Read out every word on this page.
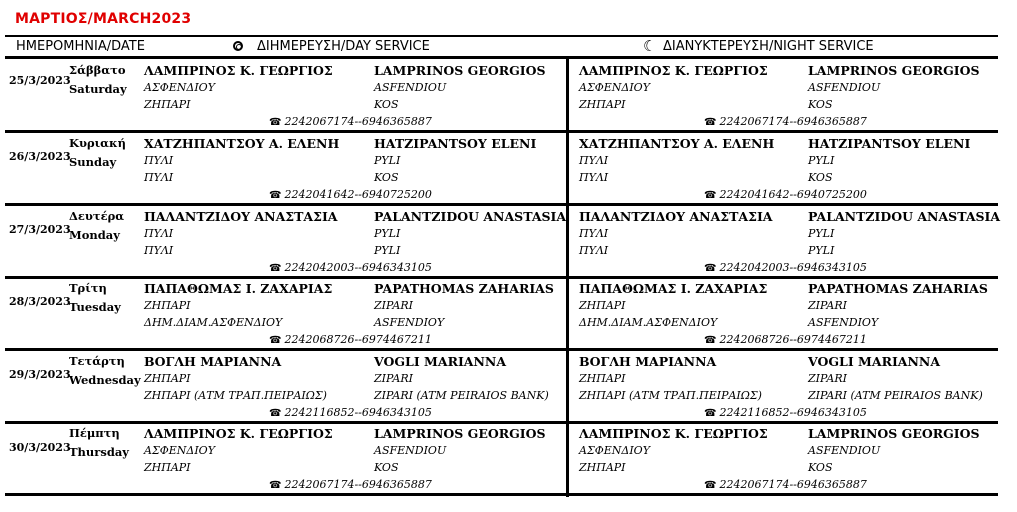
ΜΑΡΤΙΟΣ/MARCH2023
ΗΜΕΡΟΜΗΝΙΑ/DATE	ΔΙΗΜΕΡΕΥΣΗ/DAY SERVICE	☾ ΔΙΑΝΥΚΤΕΡΕΥΣΗ/NIGHT SERVICE
25/3/2023
Σάββατο
Saturday
ΛΑΜΠΡΙΝΟΣ Κ. ΓΕΩΡΓΙΟΣ	LAMPRINOS GEORGIOS
ΑΣΦΕΝΔΙΟΥ	ASFENDIOU
ΖΗΠΑΡΙ	KOS
☎ 2242067174--6946365887
ΛΑΜΠΡΙΝΟΣ Κ. ΓΕΩΡΓΙΟΣ	LAMPRINOS GEORGIOS
ΑΣΦΕΝΔΙΟΥ	ASFENDIOU
ΖΗΠΑΡΙ	KOS
☎ 2242067174--6946365887
26/3/2023
Κυριακή
Sunday
ΧΑΤΖΗΠΑΝΤΣΟΥ Α. ΕΛΕΝΗ	HATZIPANTSOY ELENI
ΠΥΛΙ	PYLI
ΠΥΛΙ	KOS
☎ 2242041642--6940725200
ΧΑΤΖΗΠΑΝΤΣΟΥ Α. ΕΛΕΝΗ	HATZIPANTSOY ELENI
ΠΥΛΙ	PYLI
ΠΥΛΙ	KOS
☎ 2242041642--6940725200
27/3/2023
Δευτέρα
Monday
ΠΑΛΑΝΤΖΙΔΟΥ ΑΝΑΣΤΑΣΙΑ	PALANTZIDOU ANASTASIA
ΠΥΛΙ	PYLI
ΠΥΛΙ	PYLI
☎ 2242042003--6946343105
ΠΑΛΑΝΤΖΙΔΟΥ ΑΝΑΣΤΑΣΙΑ	PALANTZIDOU ANASTASIA
ΠΥΛΙ	PYLI
ΠΥΛΙ	PYLI
☎ 2242042003--6946343105
28/3/2023
Τρίτη
Tuesday
ΠΑΠΑΘΩΜΑΣ Ι. ΖΑΧΑΡΙΑΣ	PAPATHOMAS ZAHARIAS
ΖΗΠΑΡΙ	ZIPARI
ΔΗΜ.ΔΙΑΜ.ΑΣΦΕΝΔΙΟΥ	ASFENDIOY
☎ 2242068726--6974467211
ΠΑΠΑΘΩΜΑΣ Ι. ΖΑΧΑΡΙΑΣ	PAPATHOMAS ZAHARIAS
ΖΗΠΑΡΙ	ZIPARI
ΔΗΜ.ΔΙΑΜ.ΑΣΦΕΝΔΙΟΥ	ASFENDIOY
☎ 2242068726--6974467211
29/3/2023
Τετάρτη
Wednesday
ΒΟΓΛΗ ΜΑΡΙΑΝΝΑ	VOGLI MARIANNA
ΖΗΠΑΡΙ	ZIPARI
ΖΗΠΑΡΙ (ΑΤΜ ΤΡΑΠ.ΠΕΙΡΑΙΩΣ)	ZIPARI (ATM PEIRAIOS BANK)
☎ 2242116852--6946343105
ΒΟΓΛΗ ΜΑΡΙΑΝΝΑ	VOGLI MARIANNA
ΖΗΠΑΡΙ	ZIPARI
ΖΗΠΑΡΙ (ΑΤΜ ΤΡΑΠ.ΠΕΙΡΑΙΩΣ)	ZIPARI (ATM PEIRAIOS BANK)
☎ 2242116852--6946343105
30/3/2023
Πέμπτη
Thursday
ΛΑΜΠΡΙΝΟΣ Κ. ΓΕΩΡΓΙΟΣ	LAMPRINOS GEORGIOS
ΑΣΦΕΝΔΙΟΥ	ASFENDIOU
ΖΗΠΑΡΙ	KOS
☎ 2242067174--6946365887
ΛΑΜΠΡΙΝΟΣ Κ. ΓΕΩΡΓΙΟΣ	LAMPRINOS GEORGIOS
ΑΣΦΕΝΔΙΟΥ	ASFENDIOU
ΖΗΠΑΡΙ	KOS
☎ 2242067174--6946365887
